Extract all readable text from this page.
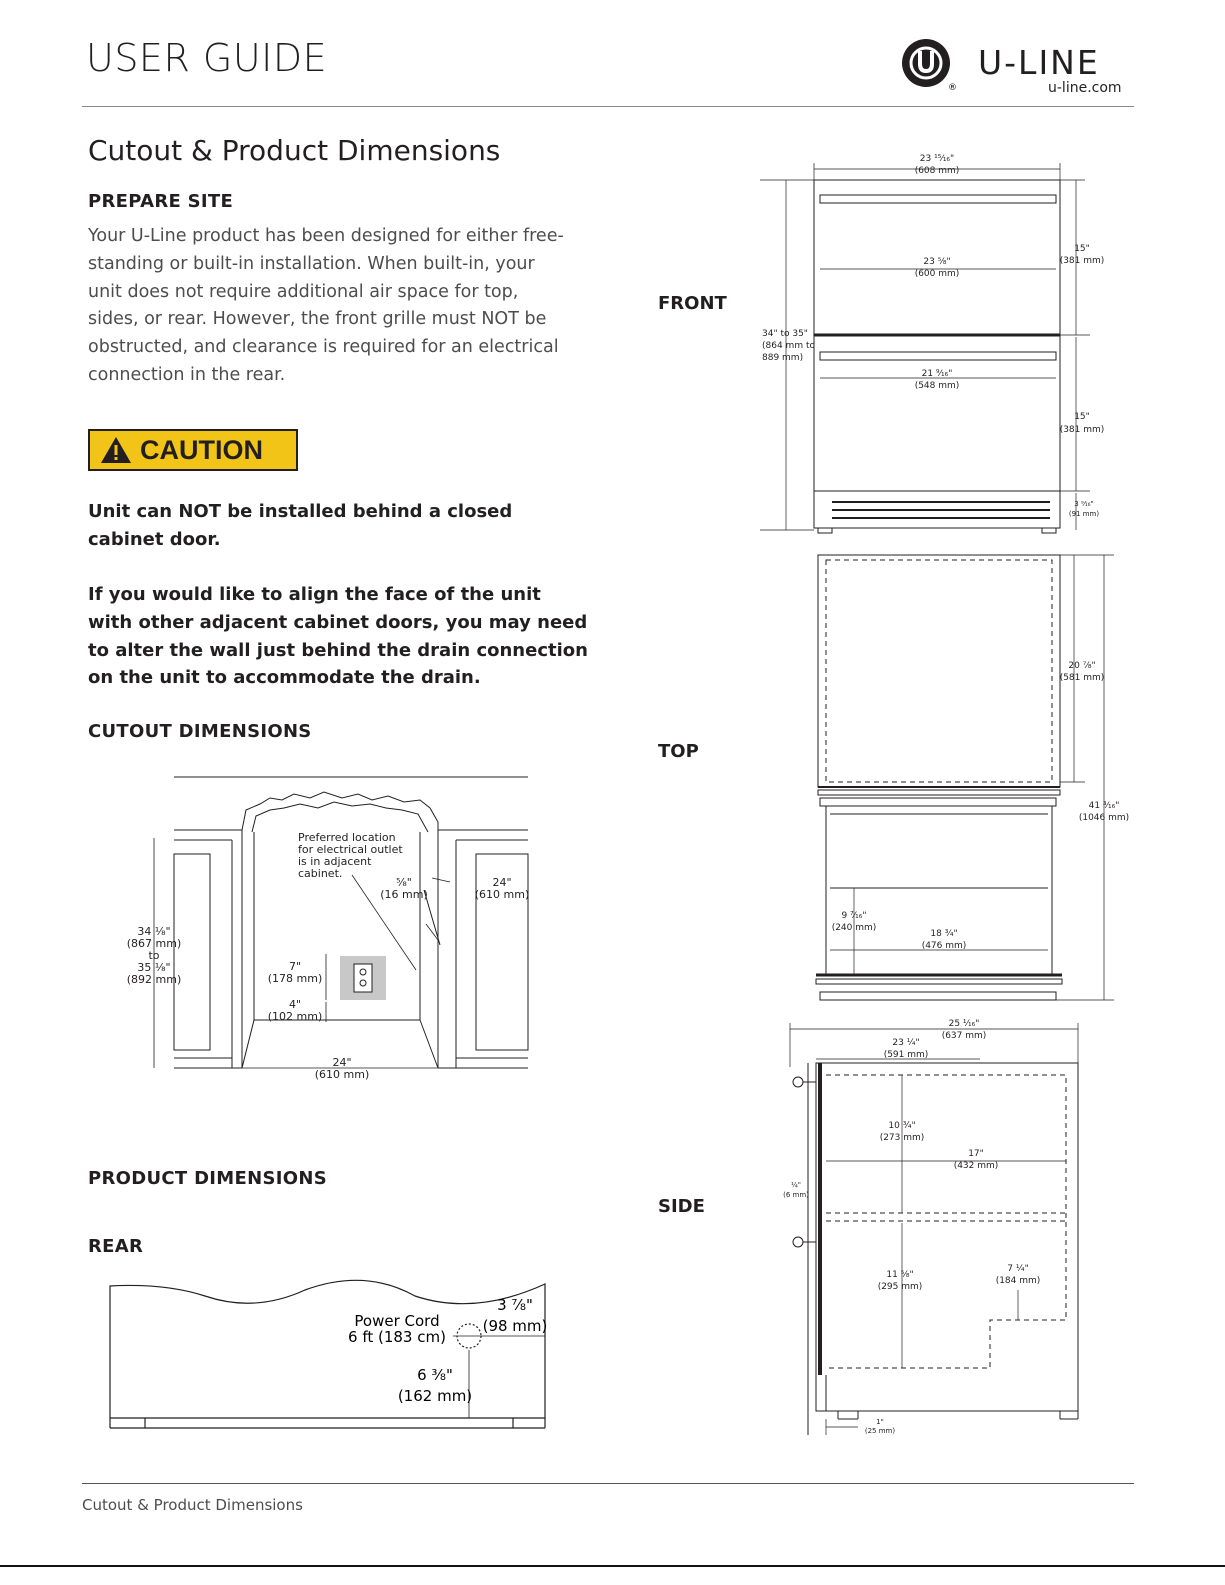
USER GUIDE
®
U-LINE
u-line.com
Cutout & Product Dimensions
PREPARE SITE
Your U-Line product has been designed for either free-standing or built-in installation. When built-in, your unit does not require additional air space for top, sides, or rear. However, the front grille must NOT be obstructed, and clearance is required for an electrical connection in the rear.
CAUTION
Unit can NOT be installed behind a closed cabinet door.
If you would like to align the face of the unit with other adjacent cabinet doors, you may need to alter the wall just behind the drain connection on the unit to accommodate the drain.
CUTOUT DIMENSIONS
Preferred location
for electrical outlet
is in adjacent
cabinet.
34 ¹⁄₈"
(867 mm)
to
35 ¹⁄₈"
(892 mm)
24"
(610 mm)
24"
(610 mm)
⁵⁄₈"
(16 mm)
7"
(178 mm)
4"
(102 mm)
PRODUCT DIMENSIONS
REAR
Power Cord
6 ft (183 cm)
3 ⅞"
(98 mm)
6 ⅜"
(162 mm)
FRONT
TOP
SIDE
23 ¹⁵⁄₁₆"
(608 mm)
23 ⅝"
(600 mm)
21 ⁹⁄₁₆"
(548 mm)
34" to 35"
(864 mm to
889 mm)
15"
(381 mm)
15"
(381 mm)
3 ⁹⁄₁₆"
(91 mm)
20 ⅞"
(581 mm)
41 ³⁄₁₆"
(1046 mm)
9 ⁷⁄₁₆"
(240 mm)
18 ³⁄₄"
(476 mm)
25 ¹⁄₁₆"
(637 mm)
23 ¼"
(591 mm)
10 ¾"
(273 mm)
17"
(432 mm)
¼"
(6 mm)
11 ⅝"
(295 mm)
7 ¼"
(184 mm)
1"
(25 mm)
Cutout & Product Dimensions
